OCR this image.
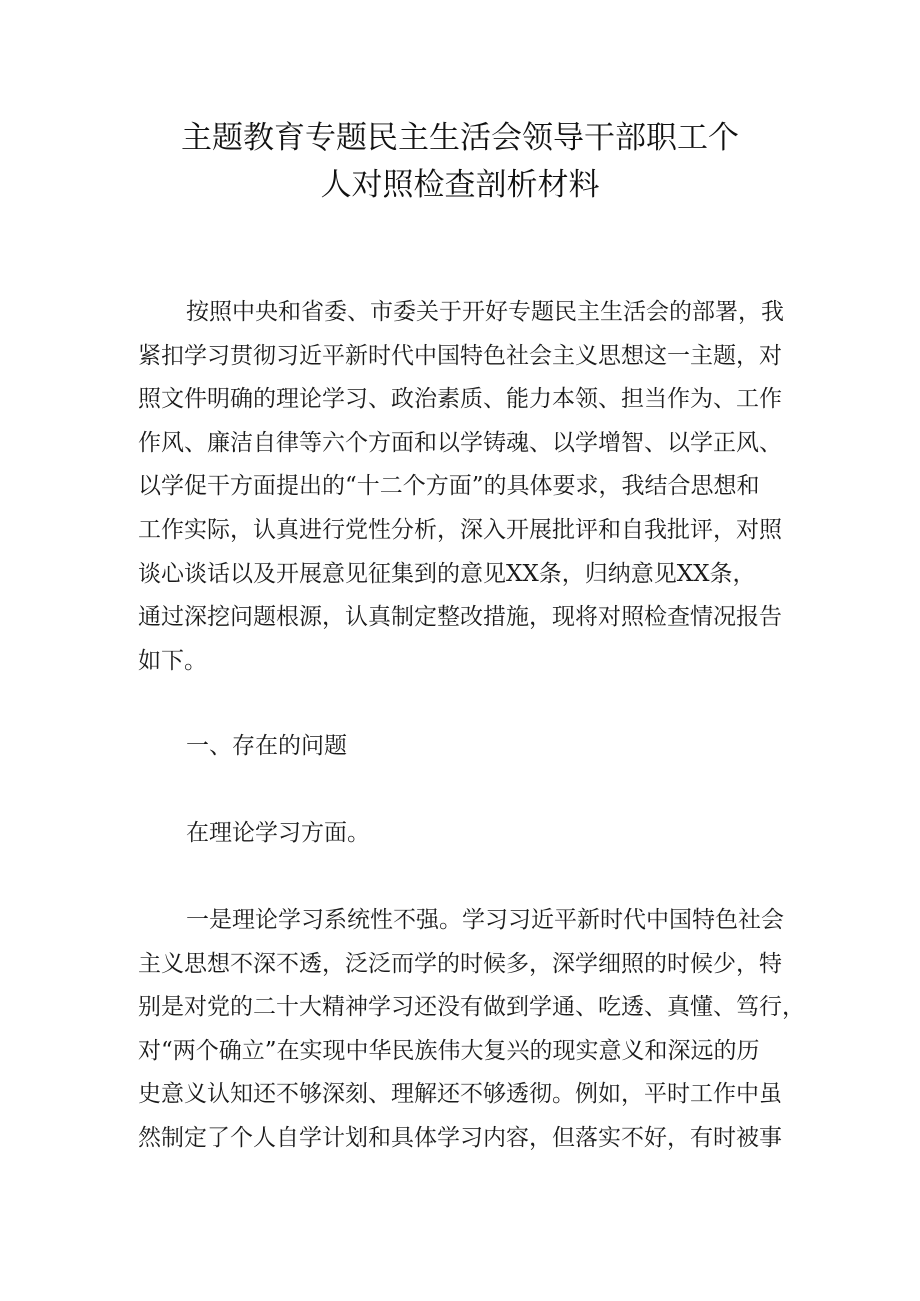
主题教育专题民主生活会领导干部职工个
人对照检查剖析材料
按照中央和省委、市委关于开好专题民主生活会的部署，我
紧扣学习贯彻习近平新时代中国特色社会主义思想这一主题，对
照文件明确的理论学习、政治素质、能力本领、担当作为、工作
作风、廉洁自律等六个方面和以学铸魂、以学增智、以学正风、
以学促干方面提出的“十二个方面”的具体要求，我结合思想和
工作实际，认真进行党性分析，深入开展批评和自我批评，对照
谈心谈话以及开展意见征集到的意见XX条，归纳意见XX条，
通过深挖问题根源，认真制定整改措施，现将对照检查情况报告
如下。
一、存在的问题
在理论学习方面。
一是理论学习系统性不强。学习习近平新时代中国特色社会
主义思想不深不透，泛泛而学的时候多，深学细照的时候少，特
别是对党的二十大精神学习还没有做到学通、吃透、真懂、笃行，
对“两个确立”在实现中华民族伟大复兴的现实意义和深远的历
史意义认知还不够深刻、理解还不够透彻。例如，平时工作中虽
然制定了个人自学计划和具体学习内容，但落实不好，有时被事
